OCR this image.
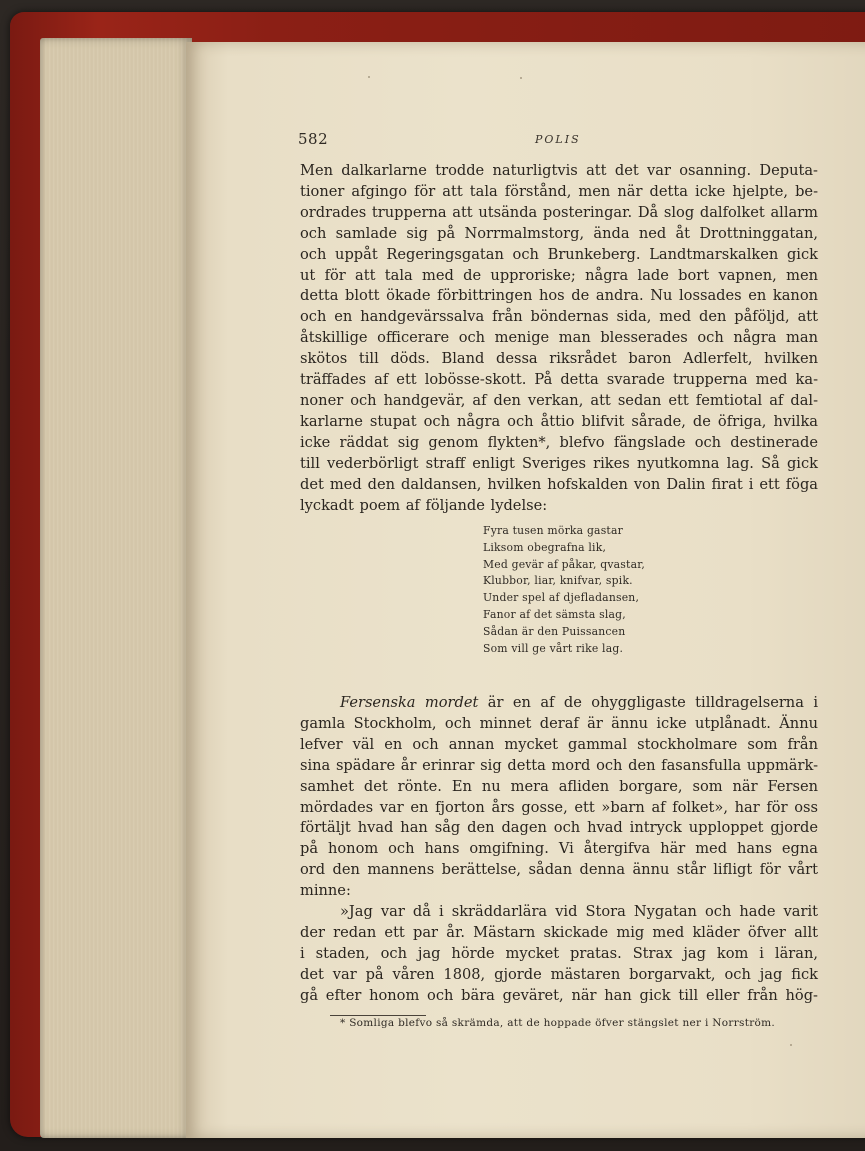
582	POLIS
Men dalkarlarne trodde naturligtvis att det var osanning. Deputa-
tioner afgingo för att tala förstånd, men när detta icke hjelpte, be-
ordrades trupperna att utsända posteringar. Då slog dalfolket allarm
och samlade sig på Norrmalmstorg, ända ned åt Drottninggatan,
och uppåt Regeringsgatan och Brunkeberg. Landtmarskalken gick
ut för att tala med de upproriske; några lade bort vapnen, men
detta blott ökade förbittringen hos de andra. Nu lossades en kanon
och en handgevärssalva från böndernas sida, med den påföljd, att
åtskillige officerare och menige man blesserades och några man
skötos till döds. Bland dessa riksrådet baron Adlerfelt, hvilken
träffades af ett lobösse-skott. På detta svarade trupperna med ka-
noner och handgevär, af den verkan, att sedan ett femtiotal af dal-
karlarne stupat och några och åttio blifvit sårade, de öfriga, hvilka
icke räddat sig genom flykten*, blefvo fängslade och destinerade
till vederbörligt straff enligt Sveriges rikes nyutkomna lag. Så gick
det med den daldansen, hvilken hofskalden von Dalin firat i ett föga
lyckadt poem af följande lydelse:
Fyra tusen mörka gastar
Liksom obegrafna lik,
Med gevär af påkar, qvastar,
Klubbor, liar, knifvar, spik.
Under spel af djefladansen,
Fanor af det sämsta slag,
Sådan är den Puissancen
Som vill ge vårt rike lag.
Fersenska mordet är en af de ohyggligaste tilldragelserna i
gamla Stockholm, och minnet deraf är ännu icke utplånadt. Ännu
lefver väl en och annan mycket gammal stockholmare som från
sina spädare år erinrar sig detta mord och den fasansfulla uppmärk-
samhet det rönte. En nu mera afliden borgare, som när Fersen
mördades var en fjorton års gosse, ett »barn af folket», har för oss
förtäljt hvad han såg den dagen och hvad intryck upploppet gjorde
på honom och hans omgifning. Vi återgifva här med hans egna
ord den mannens berättelse, sådan denna ännu står lifligt för vårt
minne:
»Jag var då i skräddarlära vid Stora Nygatan och hade varit
der redan ett par år. Mästarn skickade mig med kläder öfver allt
i staden, och jag hörde mycket pratas. Strax jag kom i läran,
det var på våren 1808, gjorde mästaren borgarvakt, och jag fick
gå efter honom och bära geväret, när han gick till eller från hög-
* Somliga blefvo så skrämda, att de hoppade öfver stängslet ner i Norrström.
